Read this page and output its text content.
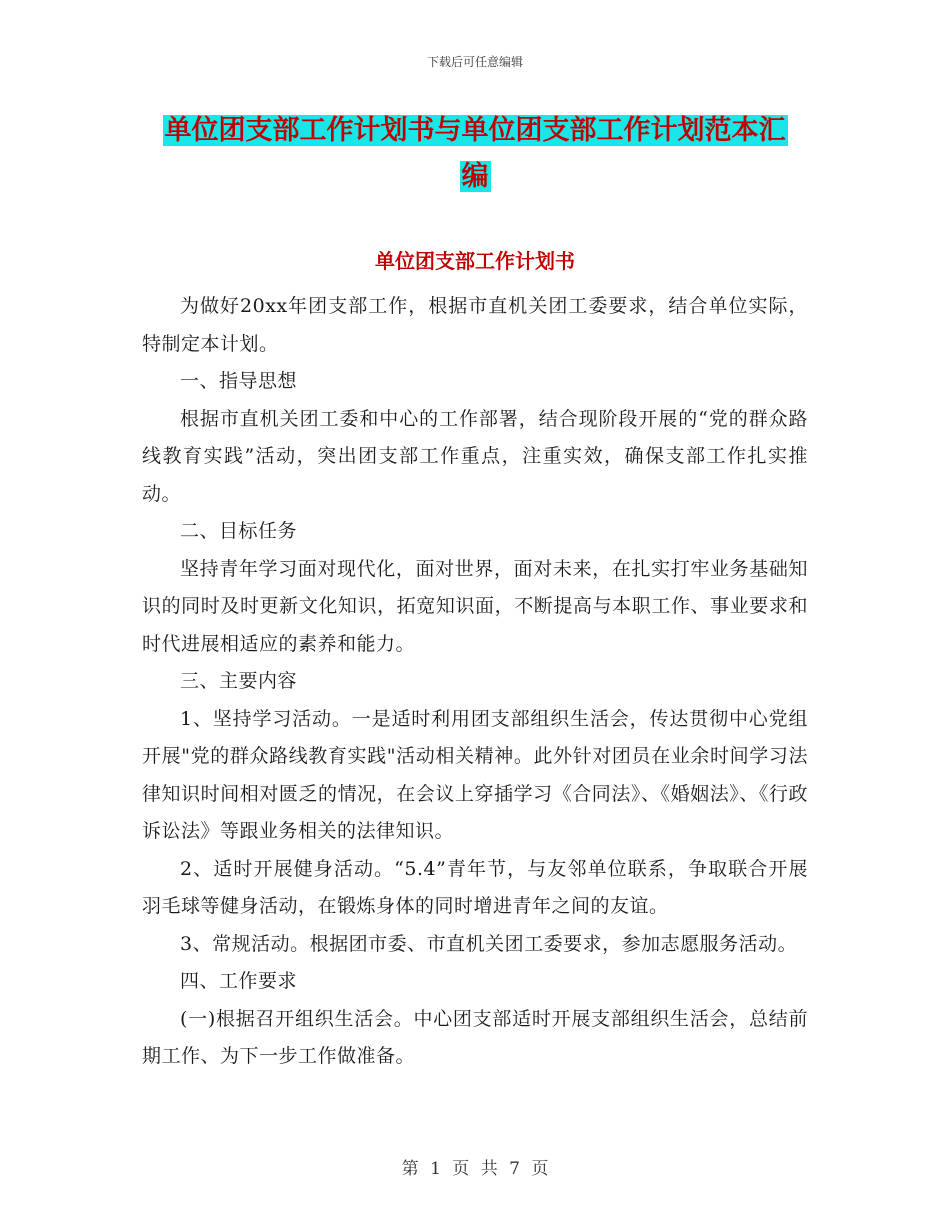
下载后可任意编辑
单位团支部工作计划书与单位团支部工作计划范本汇
编
单位团支部工作计划书

为做好20xx年团支部工作，根据市直机关团工委要求，结合单位实际，特制定本计划。

一、指导思想

根据市直机关团工委和中心的工作部署，结合现阶段开展的“党的群众路线教育实践”活动，突出团支部工作重点，注重实效，确保支部工作扎实推动。

二、目标任务

坚持青年学习面对现代化，面对世界，面对未来，在扎实打牢业务基础知识的同时及时更新文化知识，拓宽知识面，不断提高与本职工作、事业要求和时代进展相适应的素养和能力。

三、主要内容

1、坚持学习活动。一是适时利用团支部组织生活会，传达贯彻中心党组开展"党的群众路线教育实践"活动相关精神。此外针对团员在业余时间学习法律知识时间相对匮乏的情况，在会议上穿插学习《合同法》、《婚姻法》、《行政诉讼法》等跟业务相关的法律知识。

2、适时开展健身活动。“5.4”青年节，与友邻单位联系，争取联合开展羽毛球等健身活动，在锻炼身体的同时增进青年之间的友谊。

3、常规活动。根据团市委、市直机关团工委要求，参加志愿服务活动。

四、工作要求

(一)根据召开组织生活会。中心团支部适时开展支部组织生活会，总结前期工作、为下一步工作做准备。

第 1 页 共 7 页
